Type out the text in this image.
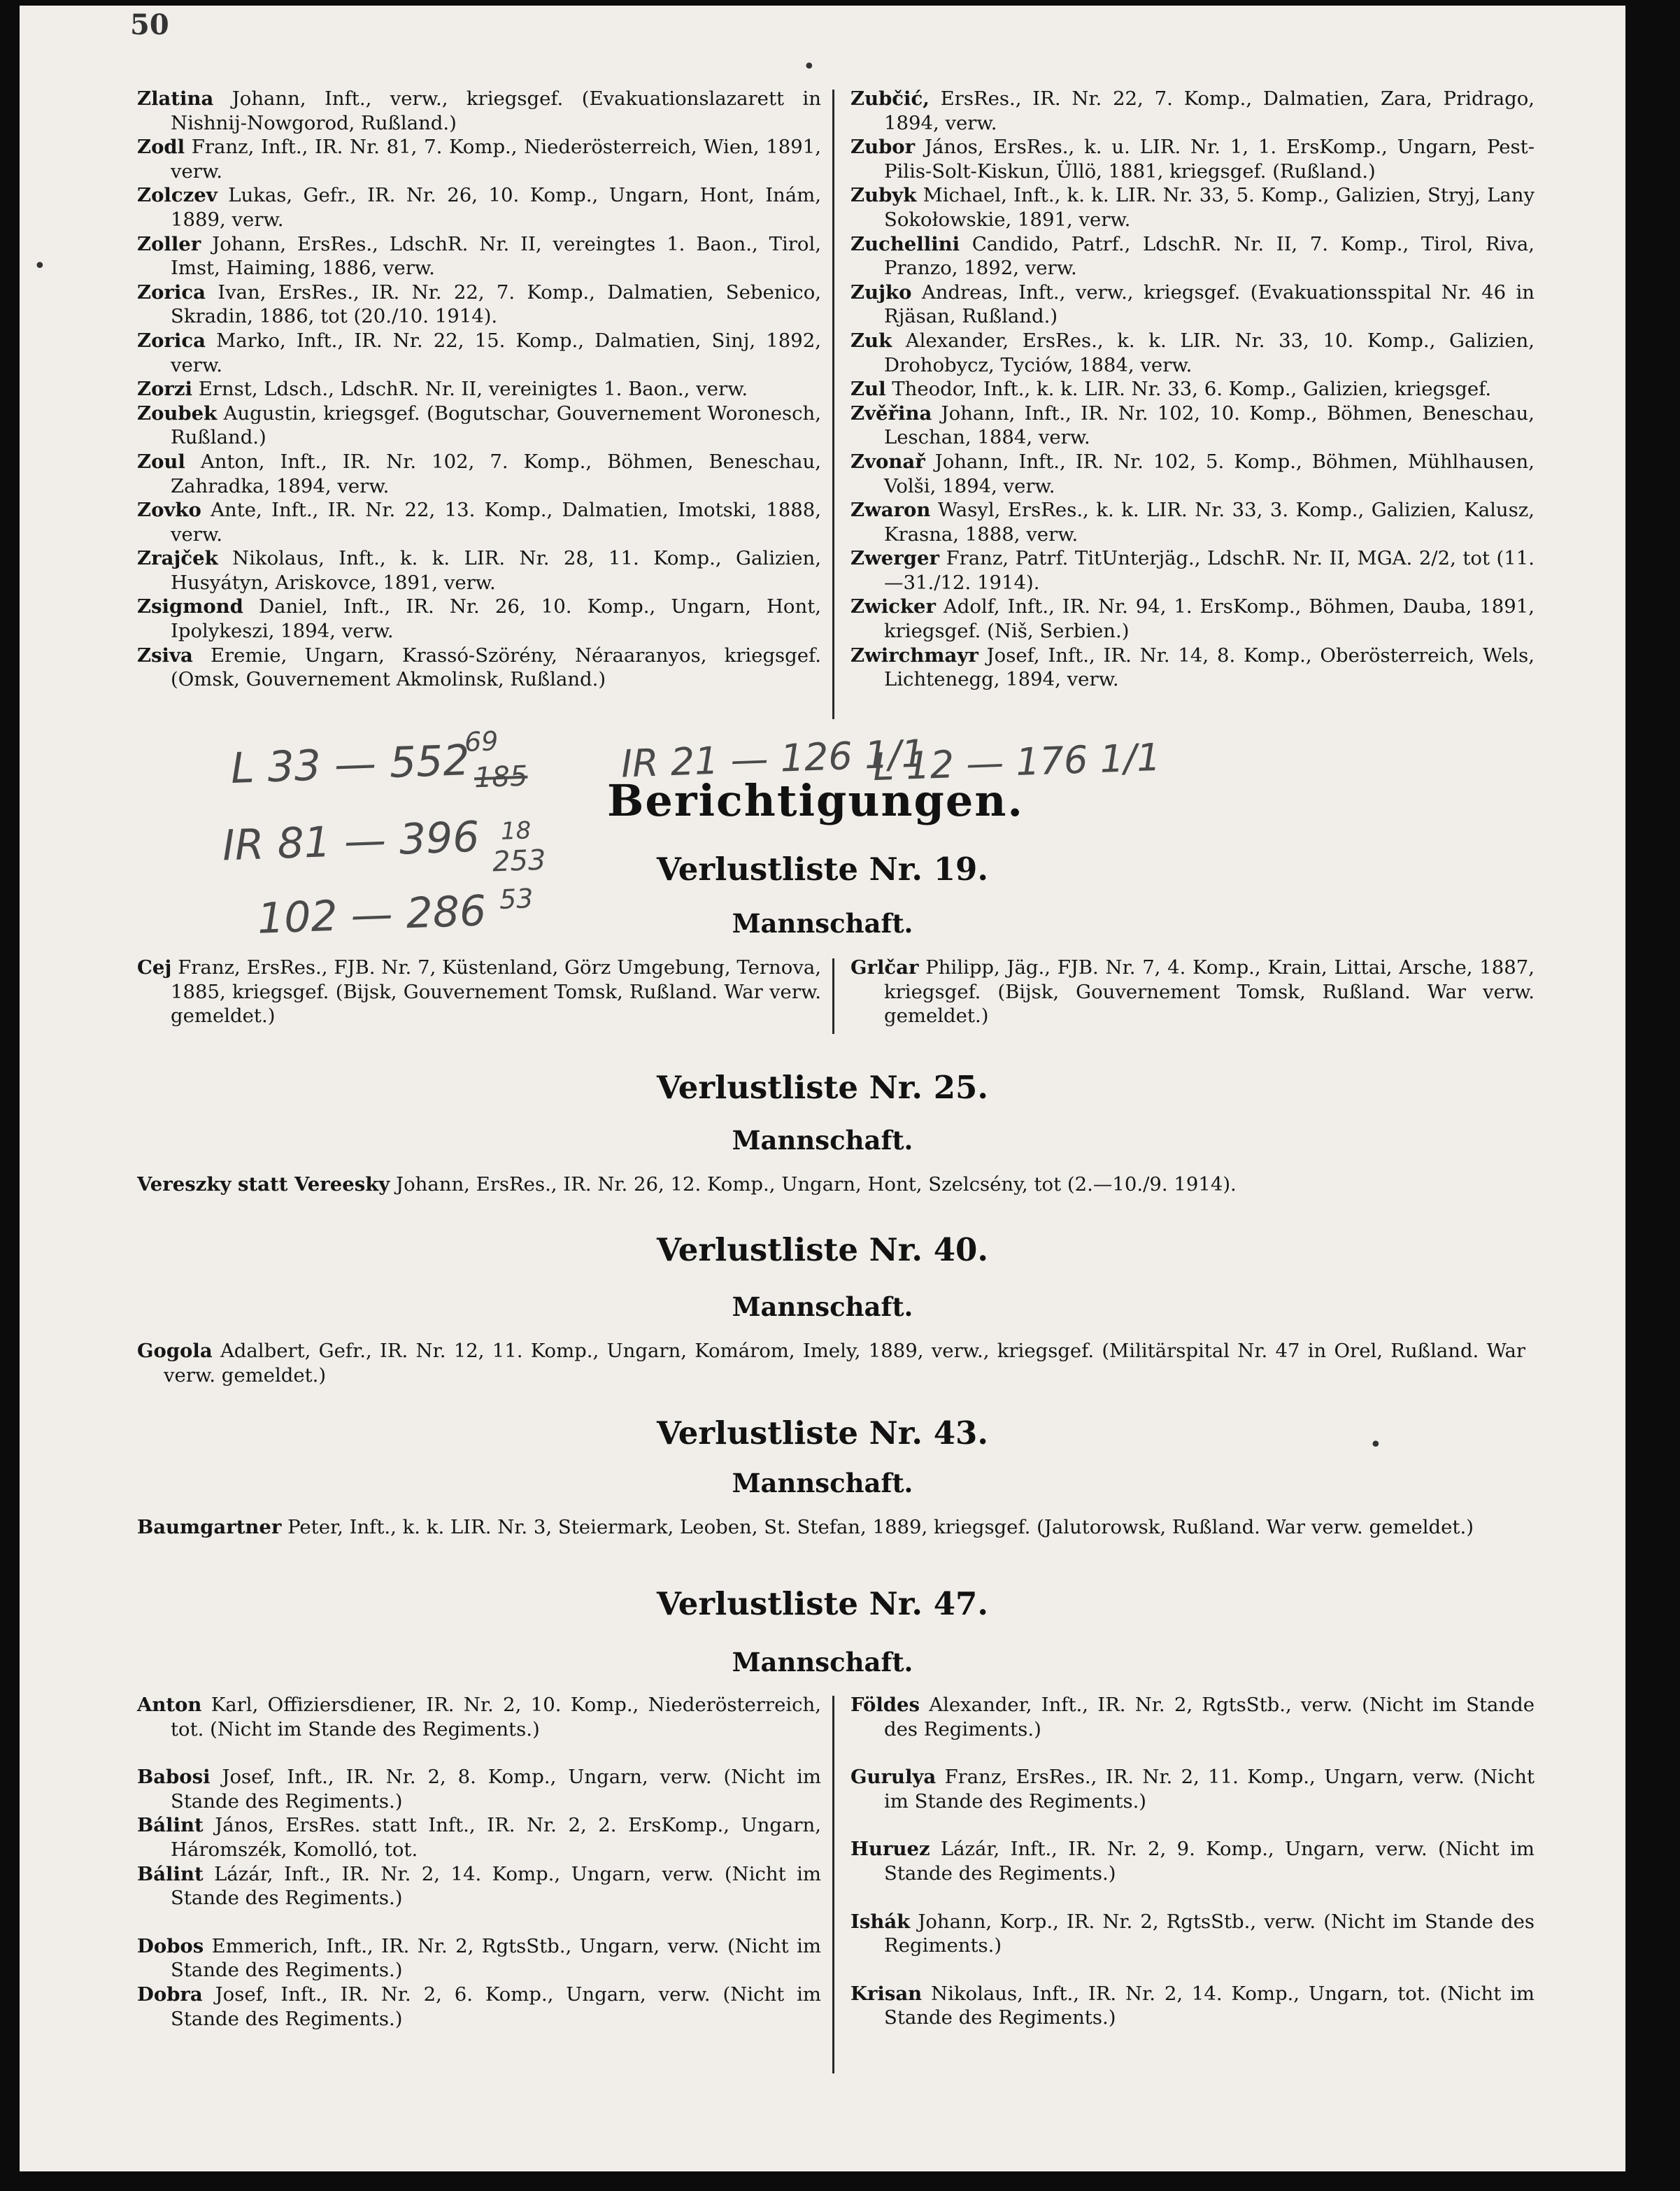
50
Zlatina Johann, Inft., verw., kriegsgef. (Evakuationslazarett in Nishnij-Nowgorod, Rußland.)
Zodl Franz, Inft., IR. Nr. 81, 7. Komp., Niederösterreich, Wien, 1891, verw.
Zolczev Lukas, Gefr., IR. Nr. 26, 10. Komp., Ungarn, Hont, Inám, 1889, verw.
Zoller Johann, ErsRes., LdschR. Nr. II, vereingtes 1. Baon., Tirol, Imst, Haiming, 1886, verw.
Zorica Ivan, ErsRes., IR. Nr. 22, 7. Komp., Dalmatien, Sebenico, Skradin, 1886, tot (20./10. 1914).
Zorica Marko, Inft., IR. Nr. 22, 15. Komp., Dalmatien, Sinj, 1892, verw.
Zorzi Ernst, Ldsch., LdschR. Nr. II, vereinigtes 1. Baon., verw.
Zoubek Augustin, kriegsgef. (Bogutschar, Gouvernement Woronesch, Rußland.)
Zoul Anton, Inft., IR. Nr. 102, 7. Komp., Böhmen, Beneschau, Zahradka, 1894, verw.
Zovko Ante, Inft., IR. Nr. 22, 13. Komp., Dalmatien, Imotski, 1888, verw.
Zrajček Nikolaus, Inft., k. k. LIR. Nr. 28, 11. Komp., Galizien, Husyátyn, Ariskovce, 1891, verw.
Zsigmond Daniel, Inft., IR. Nr. 26, 10. Komp., Ungarn, Hont, Ipolykeszi, 1894, verw.
Zsiva Eremie, Ungarn, Krassó-Szörény, Néraaranyos, kriegsgef. (Omsk, Gouvernement Akmolinsk, Rußland.)
Zubčić, ErsRes., IR. Nr. 22, 7. Komp., Dalmatien, Zara, Pridrago, 1894, verw.
Zubor János, ErsRes., k. u. LIR. Nr. 1, 1. ErsKomp., Ungarn, Pest-Pilis-Solt-Kiskun, Üllö, 1881, kriegsgef. (Rußland.)
Zubyk Michael, Inft., k. k. LIR. Nr. 33, 5. Komp., Galizien, Stryj, Lany Sokołowskie, 1891, verw.
Zuchellini Candido, Patrf., LdschR. Nr. II, 7. Komp., Tirol, Riva, Pranzo, 1892, verw.
Zujko Andreas, Inft., verw., kriegsgef. (Evakuationsspital Nr. 46 in Rjäsan, Rußland.)
Zuk Alexander, ErsRes., k. k. LIR. Nr. 33, 10. Komp., Galizien, Drohobycz, Tyciów, 1884, verw.
Zul Theodor, Inft., k. k. LIR. Nr. 33, 6. Komp., Galizien, kriegsgef.
Zvěřina Johann, Inft., IR. Nr. 102, 10. Komp., Böhmen, Beneschau, Leschan, 1884, verw.
Zvonař Johann, Inft., IR. Nr. 102, 5. Komp., Böhmen, Mühlhausen, Volši, 1894, verw.
Zwaron Wasyl, ErsRes., k. k. LIR. Nr. 33, 3. Komp., Galizien, Kalusz, Krasna, 1888, verw.
Zwerger Franz, Patrf. TitUnterjäg., LdschR. Nr. II, MGA. 2/2, tot (11.—31./12. 1914).
Zwicker Adolf, Inft., IR. Nr. 94, 1. ErsKomp., Böhmen, Dauba, 1891, kriegsgef. (Niš, Serbien.)
Zwirchmayr Josef, Inft., IR. Nr. 14, 8. Komp., Oberösterreich, Wels, Lichtenegg, 1894, verw.
L 33 — 552
69
185 IR 21 — 126 1/1
L 12 — 176 1/1
IR 81 — 396 18
253
102 — 286 53
Berichtigungen.
Verlustliste Nr. 19.
Mannschaft.
Cej Franz, ErsRes., FJB. Nr. 7, Küstenland, Görz Umgebung, Ternova, 1885, kriegsgef. (Bijsk, Gouvernement Tomsk, Rußland. War verw. gemeldet.)
Grlčar Philipp, Jäg., FJB. Nr. 7, 4. Komp., Krain, Littai, Arsche, 1887, kriegsgef. (Bijsk, Gouvernement Tomsk, Rußland. War verw. gemeldet.)
Verlustliste Nr. 25.
Mannschaft.
Vereszky statt Vereesky Johann, ErsRes., IR. Nr. 26, 12. Komp., Ungarn, Hont, Szelcsény, tot (2.—10./9. 1914).
Verlustliste Nr. 40.
Mannschaft.
Gogola Adalbert, Gefr., IR. Nr. 12, 11. Komp., Ungarn, Komárom, Imely, 1889, verw., kriegsgef. (Militärspital Nr. 47 in Orel, Rußland. War verw. gemeldet.)
Verlustliste Nr. 43.
Mannschaft.
Baumgartner Peter, Inft., k. k. LIR. Nr. 3, Steiermark, Leoben, St. Stefan, 1889, kriegsgef. (Jalutorowsk, Rußland. War verw. gemeldet.)
Verlustliste Nr. 47.
Mannschaft.
Anton Karl, Offiziersdiener, IR. Nr. 2, 10. Komp., Niederösterreich, tot. (Nicht im Stande des Regiments.)
Babosi Josef, Inft., IR. Nr. 2, 8. Komp., Ungarn, verw. (Nicht im Stande des Regiments.)
Bálint János, ErsRes. statt Inft., IR. Nr. 2, 2. ErsKomp., Ungarn, Háromszék, Komolló, tot.
Bálint Lázár, Inft., IR. Nr. 2, 14. Komp., Ungarn, verw. (Nicht im Stande des Regiments.)
Dobos Emmerich, Inft., IR. Nr. 2, RgtsStb., Ungarn, verw. (Nicht im Stande des Regiments.)
Dobra Josef, Inft., IR. Nr. 2, 6. Komp., Ungarn, verw. (Nicht im Stande des Regiments.)
Földes Alexander, Inft., IR. Nr. 2, RgtsStb., verw. (Nicht im Stande des Regiments.)
Gurulya Franz, ErsRes., IR. Nr. 2, 11. Komp., Ungarn, verw. (Nicht im Stande des Regiments.)
Huruez Lázár, Inft., IR. Nr. 2, 9. Komp., Ungarn, verw. (Nicht im Stande des Regiments.)
Ishák Johann, Korp., IR. Nr. 2, RgtsStb., verw. (Nicht im Stande des Regiments.)
Krisan Nikolaus, Inft., IR. Nr. 2, 14. Komp., Ungarn, tot. (Nicht im Stande des Regiments.)
•
•
•
